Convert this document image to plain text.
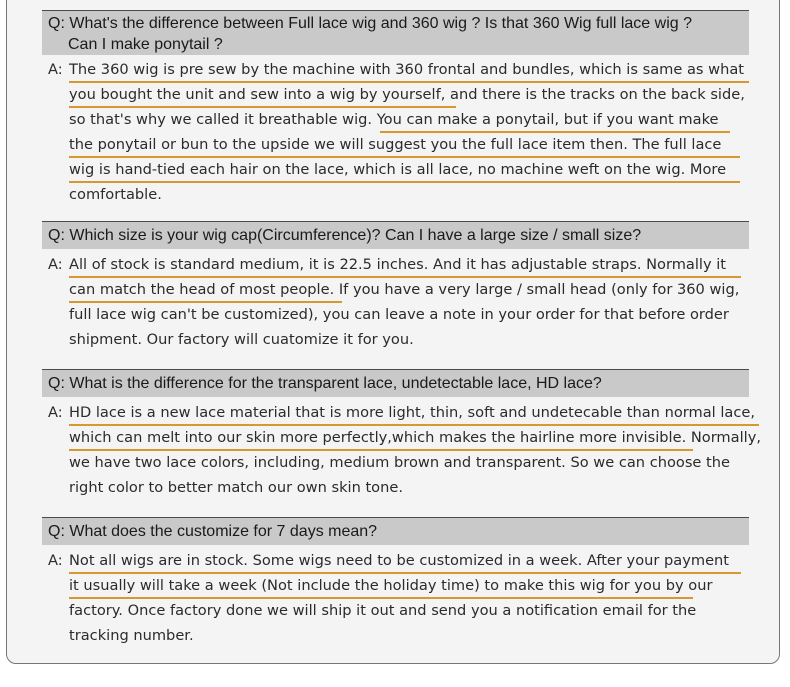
Q: What's the difference between Full lace wig and 360 wig ? Is that 360 Wig full lace wig ?
Can I make ponytail ?
A: The 360 wig is pre sew by the machine with 360 frontal and bundles, which is same as what
you bought the unit and sew into a wig by yourself, and there is the tracks on the back side,
so that's why we called it breathable wig. You can make a ponytail, but if you want make
the ponytail or bun to the upside we will suggest you the full lace item then. The full lace
wig is hand-tied each hair on the lace, which is all lace, no machine weft on the wig. More
comfortable.
Q: Which size is your wig cap(Circumference)? Can I have a large size / small size?
A: All of stock is standard medium, it is 22.5 inches. And it has adjustable straps. Normally it
can match the head of most people. If you have a very large / small head (only for 360 wig,
full lace wig can't be customized), you can leave a note in your order for that before order
shipment. Our factory will cuatomize it for you.
Q: What is the difference for the transparent lace, undetectable lace, HD lace?
A: HD lace is a new lace material that is more light, thin, soft and undetecable than normal lace,
which can melt into our skin more perfectly,which makes the hairline more invisible. Normally,
we have two lace colors, including, medium brown and transparent. So we can choose the
right color to better match our own skin tone.
Q: What does the customize for 7 days mean?
A: Not all wigs are in stock. Some wigs need to be customized in a week. After your payment
it usually will take a week (Not include the holiday time) to make this wig for you by our
factory. Once factory done we will ship it out and send you a notification email for the
tracking number.
